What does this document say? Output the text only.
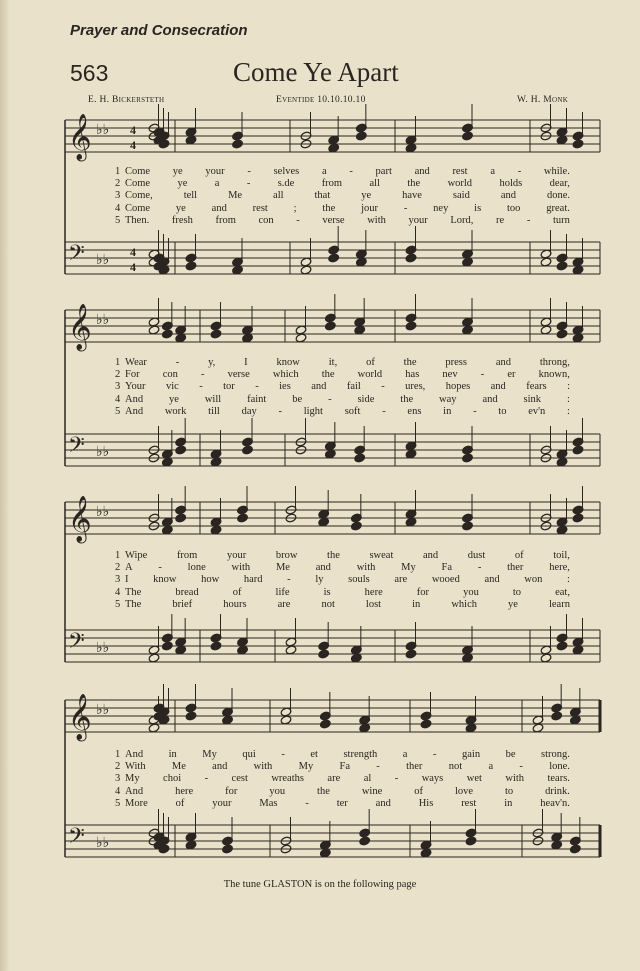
Prayer and Consecration
563	Come Ye Apart
E. H. Bickersteth	Eventide 10.10.10.10	W. H. Monk
𝄞 ♭♭ 4
4
𝄢 ♭♭
4
4
𝄞 ♭♭
𝄢 ♭♭
𝄞 ♭♭
𝄢 ♭♭
𝄞 ♭♭
𝄢 ♭♭
1 Come ye your - selves a - part and rest a - while.
2 Come	ye	a	-	s.de	from	all	the	world	holds	dear,
3 Come,	tell	Me	all	that	ye	have	said	and	done.
4 Come ye and rest ; the jour - ney is too great.
5 Then. fresh from con - verse with your Lord, re - turn
1 Wear	-	y,	I	know	it,	of	the	press	and	throng,
2 For con - verse which the world has nev - er known,
3 Your vic - tor - ies and fail - ures, hopes and fears :
4 And ye will faint be - side the way and sink :
5 And work till day - light soft - ens in - to ev'n :
1 Wipe	from	your	brow	the	sweat	and	dust	of	toil,
2 A - lone with Me and with My Fa - ther here,
3 I know how hard - ly souls are wooed and won :
4 The	bread	of	life	is	here	for	you	to	eat,
5 The	brief	hours	are	not	lost	in	which	ye	learn
1 And in My qui - et strength a - gain be strong.
2 With	Me	and	with	My	Fa	-	ther	not	a	-	lone.
3 My choi - cest wreaths are al - ways wet with tears.
4 And	here	for	you	the	wine	of	love	to	drink.
5 More	of	your	Mas	-	ter	and	His	rest	in	heav'n.
The tune GLASTON is on the following page
